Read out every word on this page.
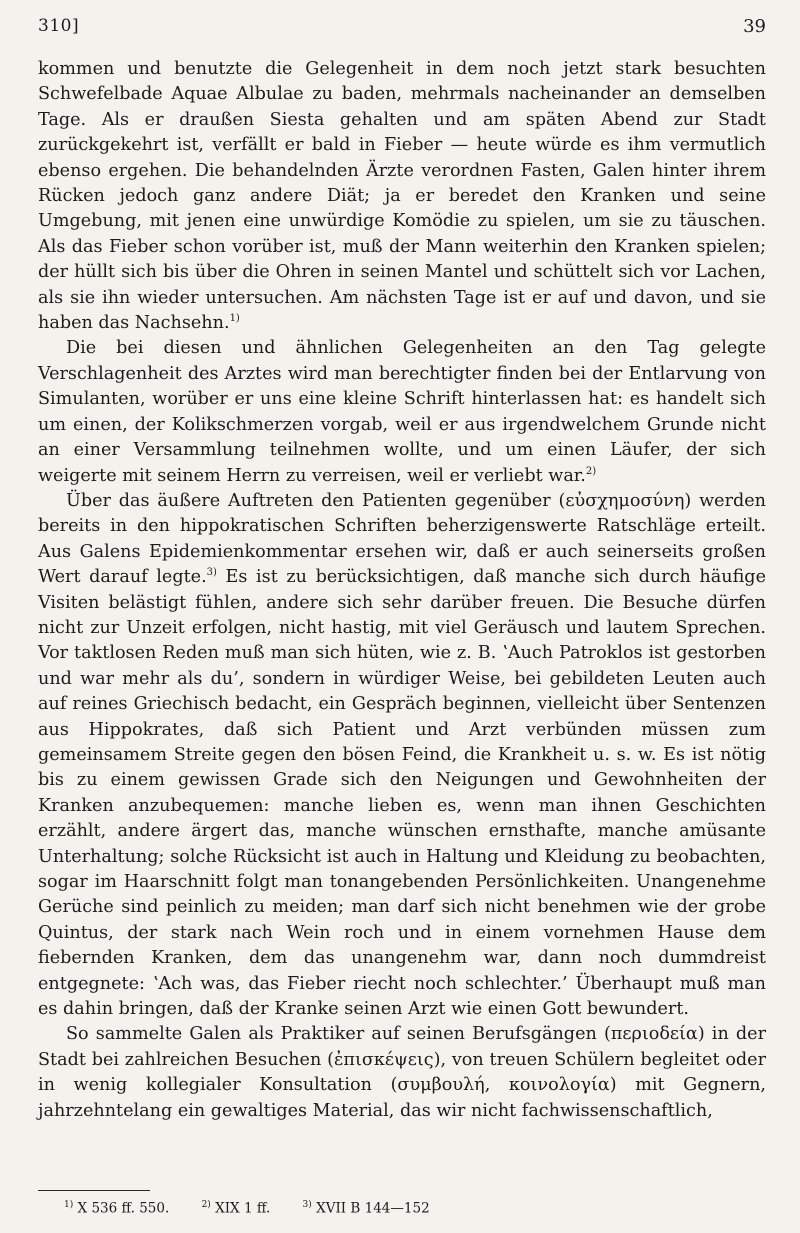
310]	39

kommen und benutzte die Gelegenheit in dem noch jetzt stark besuchten Schwefelbade Aquae Albulae zu baden, mehrmals nacheinander an demselben Tage. Als er draußen Siesta gehalten und am späten Abend zur Stadt zurückgekehrt ist, verfällt er bald in Fieber — heute würde es ihm vermutlich ebenso ergehen. Die behandelnden Ärzte verordnen Fasten, Galen hinter ihrem Rücken jedoch ganz andere Diät; ja er beredet den Kranken und seine Umgebung, mit jenen eine unwürdige Komödie zu spielen, um sie zu täuschen. Als das Fieber schon vorüber ist, muß der Mann weiterhin den Kranken spielen; der hüllt sich bis über die Ohren in seinen Mantel und schüttelt sich vor Lachen, als sie ihn wieder untersuchen. Am nächsten Tage ist er auf und davon, und sie haben das Nachsehn.$^{1)}$

Die bei diesen und ähnlichen Gelegenheiten an den Tag gelegte Verschlagenheit des Arztes wird man berechtigter finden bei der Entlarvung von Simulanten, worüber er uns eine kleine Schrift hinterlassen hat: es handelt sich um einen, der Kolikschmerzen vorgab, weil er aus irgendwelchem Grunde nicht an einer Versammlung teilnehmen wollte, und um einen Läufer, der sich weigerte mit seinem Herrn zu verreisen, weil er verliebt war.$^{2)}$

Über das äußere Auftreten den Patienten gegenüber (εὐσχημοσύνη) werden bereits in den hippokratischen Schriften beherzigenswerte Ratschläge erteilt. Aus Galens Epidemienkommentar ersehen wir, daß er auch seinerseits großen Wert darauf legte.$^{3)}$ Es ist zu berücksichtigen, daß manche sich durch häufige Visiten belästigt fühlen, andere sich sehr darüber freuen. Die Besuche dürfen nicht zur Unzeit erfolgen, nicht hastig, mit viel Geräusch und lautem Sprechen. Vor taktlosen Reden muß man sich hüten, wie z. B. ʽAuch Patroklos ist gestorben und war mehr als du’, sondern in würdiger Weise, bei gebildeten Leuten auch auf reines Griechisch bedacht, ein Gespräch beginnen, vielleicht über Sentenzen aus Hippokrates, daß sich Patient und Arzt verbünden müssen zum gemeinsamem Streite gegen den bösen Feind, die Krankheit u. s. w. Es ist nötig bis zu einem gewissen Grade sich den Neigungen und Gewohnheiten der Kranken anzubequemen: manche lieben es, wenn man ihnen Geschichten erzählt, andere ärgert das, manche wünschen ernsthafte, manche amüsante Unterhaltung; solche Rücksicht ist auch in Haltung und Kleidung zu beobachten, sogar im Haarschnitt folgt man tonangebenden Persönlichkeiten. Unangenehme Gerüche sind peinlich zu meiden; man darf sich nicht benehmen wie der grobe Quintus, der stark nach Wein roch und in einem vornehmen Hause dem fiebernden Kranken, dem das unangenehm war, dann noch dummdreist entgegnete: ʽAch was, das Fieber riecht noch schlechter.’ Überhaupt muß man es dahin bringen, daß der Kranke seinen Arzt wie einen Gott bewundert.

So sammelte Galen als Praktiker auf seinen Berufsgängen (περιοδεία) in der Stadt bei zahlreichen Besuchen (ἐπισκέψεις), von treuen Schülern begleitet oder in wenig kollegialer Konsultation (συμβουλή, κοινολογία) mit Gegnern, jahrzehntelang ein gewaltiges Material, das wir nicht fachwissenschaftlich,

$^{1)}$ X 536 ff. 550.	$^{2)}$ XIX 1 ff.	$^{3)}$ XVII B 144—152
